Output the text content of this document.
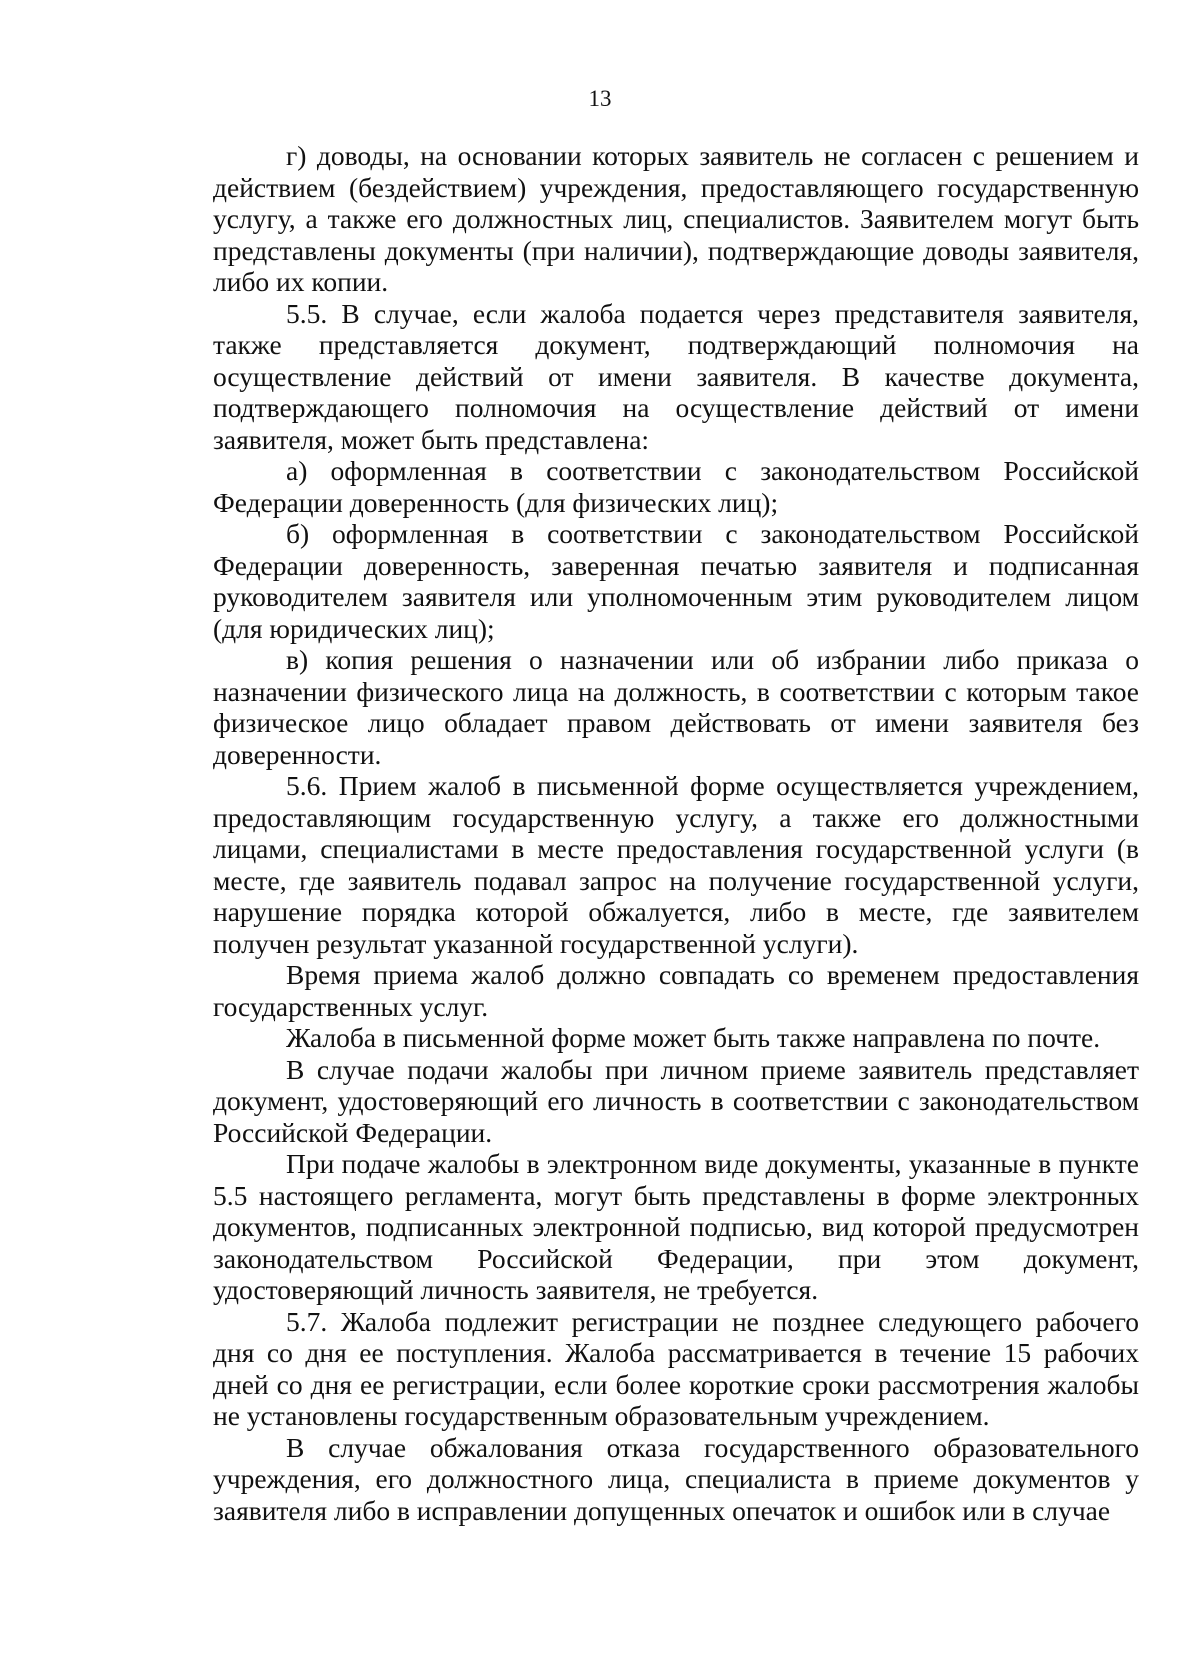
13

г) доводы, на основании которых заявитель не согласен с решением и действием (бездействием) учреждения, предоставляющего государственную услугу, а также его должностных лиц, специалистов. Заявителем могут быть представлены документы (при наличии), подтверждающие доводы заявителя, либо их копии.

5.5. В случае, если жалоба подается через представителя заявителя, также представляется документ, подтверждающий полномочия на осуществление действий от имени заявителя. В качестве документа, подтверждающего полномочия на осуществление действий от имени заявителя, может быть представлена:

а) оформленная в соответствии с законодательством Российской Федерации доверенность (для физических лиц);

б) оформленная в соответствии с законодательством Российской Федерации доверенность, заверенная печатью заявителя и подписанная руководителем заявителя или уполномоченным этим руководителем лицом (для юридических лиц);

в) копия решения о назначении или об избрании либо приказа о назначении физического лица на должность, в соответствии с которым такое физическое лицо обладает правом действовать от имени заявителя без доверенности.

5.6. Прием жалоб в письменной форме осуществляется учреждением, предоставляющим государственную услугу, а также его должностными лицами, специалистами в месте предоставления государственной услуги (в месте, где заявитель подавал запрос на получение государственной услуги, нарушение порядка которой обжалуется, либо в месте, где заявителем получен результат указанной государственной услуги).

Время приема жалоб должно совпадать со временем предоставления государственных услуг.

Жалоба в письменной форме может быть также направлена по почте.

В случае подачи жалобы при личном приеме заявитель представляет документ, удостоверяющий его личность в соответствии с законодательством Российской Федерации.

При подаче жалобы в электронном виде документы, указанные в пункте 5.5 настоящего регламента, могут быть представлены в форме электронных документов, подписанных электронной подписью, вид которой предусмотрен законодательством Российской Федерации, при этом документ, удостоверяющий личность заявителя, не требуется.

5.7. Жалоба подлежит регистрации не позднее следующего рабочего дня со дня ее поступления. Жалоба рассматривается в течение 15 рабочих дней со дня ее регистрации, если более короткие сроки рассмотрения жалобы не установлены государственным образовательным учреждением.

В случае обжалования отказа государственного образовательного учреждения, его должностного лица, специалиста в приеме документов у заявителя либо в исправлении допущенных опечаток и ошибок или в случае
